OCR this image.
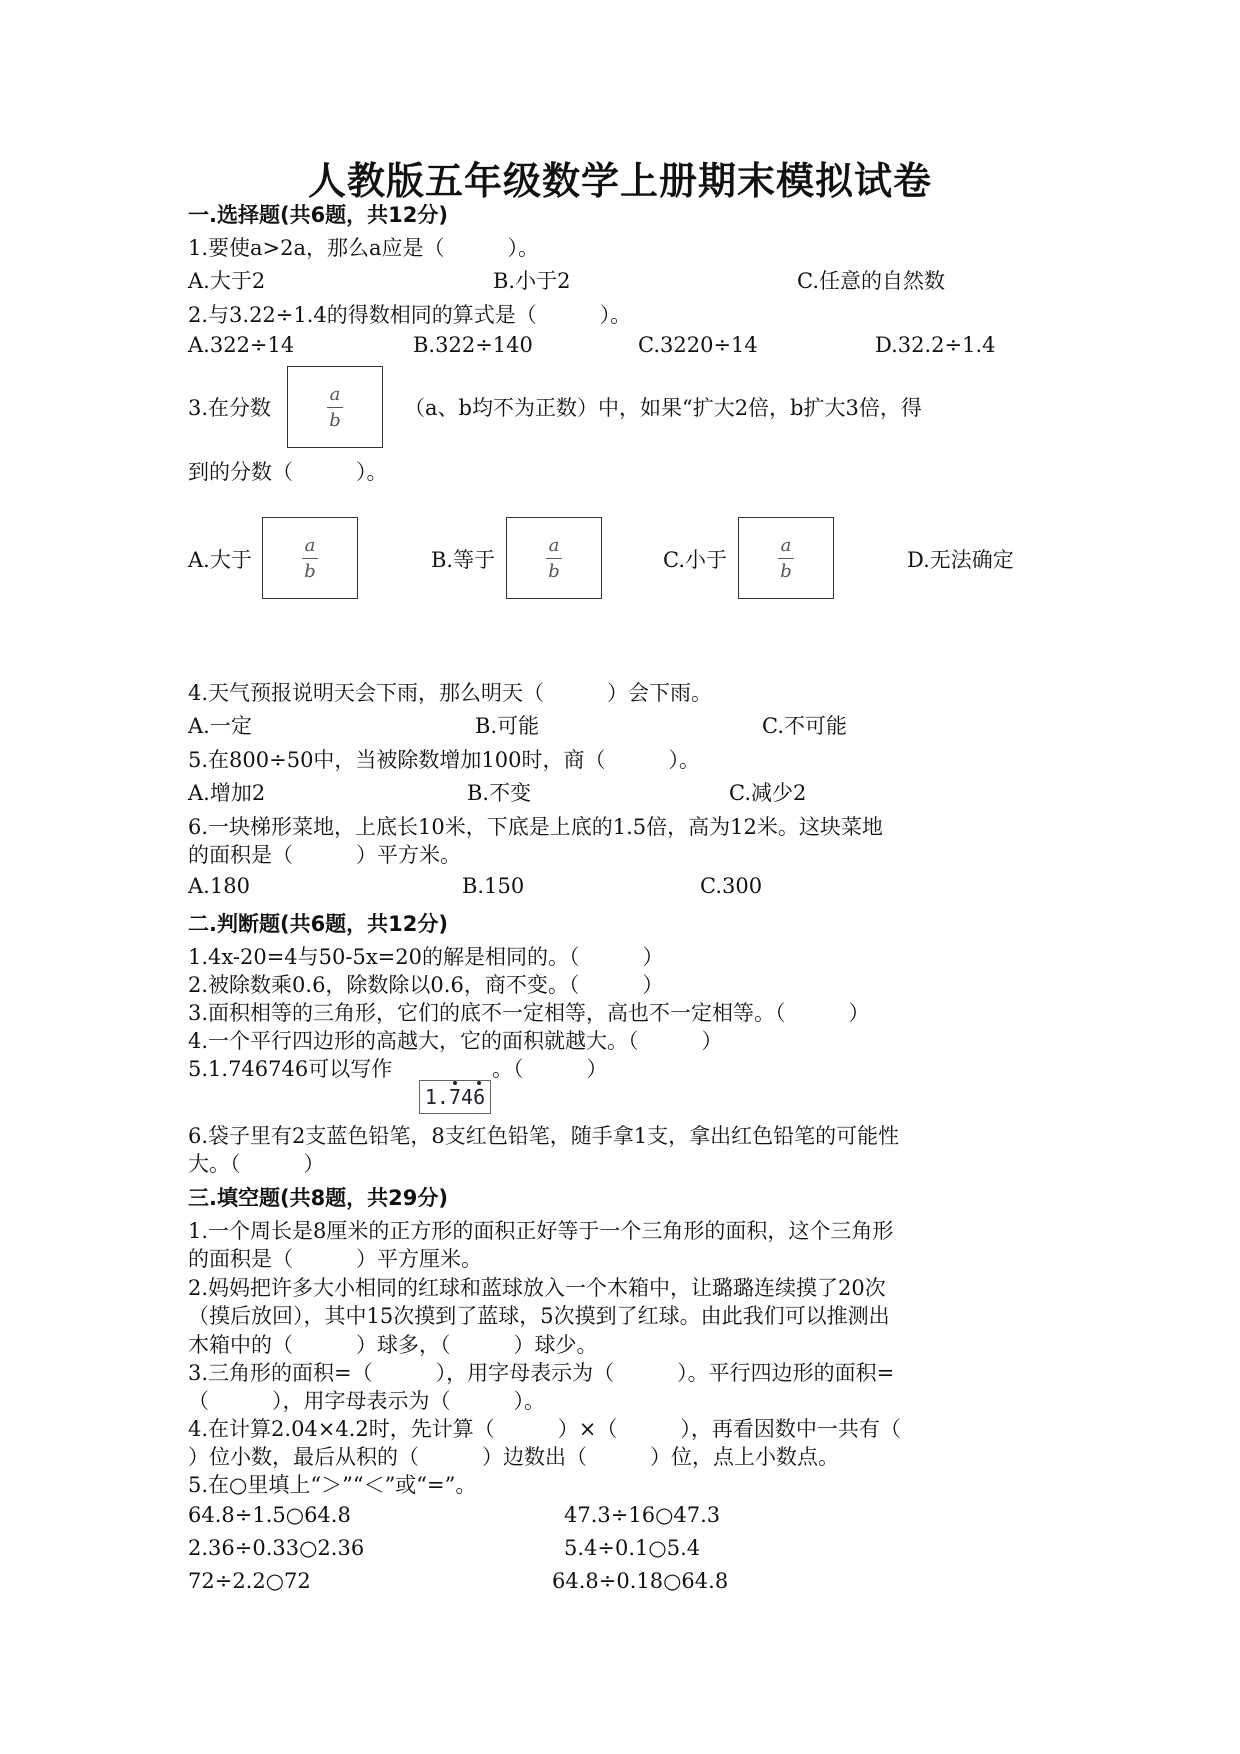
人教版五年级数学上册期末模拟试卷
一.选择题(共6题，共12分)
1.要使a>2a，那么a应是（　　　）。
A.大于2	B.小于2	C.任意的自然数
2.与3.22÷1.4的得数相同的算式是（　　　）。
A.322÷14	B.322÷140	C.3220÷14	D.32.2÷1.4
3.在分数
a
b	（a、b均不为正数）中，如果“扩大2倍，b扩大3倍，得
到的分数（　　　）。
A.大于
a
b	B.等于
a
b	C.小于
a
b	D.无法确定
4.天气预报说明天会下雨，那么明天（　　　）会下雨。
A.一定	B.可能	C.不可能
5.在800÷50中，当被除数增加100时，商（　　　）。
A.增加2	B.不变	C.减少2
6.一块梯形菜地，上底长10米，下底是上底的1.5倍，高为12米。这块菜地
的面积是（　　　）平方米。
A.180	B.150	C.300
二.判断题(共6题，共12分)
1.4x-20=4与50-5x=20的解是相同的。（　　　）
2.被除数乘0.6，除数除以0.6，商不变。（　　　）
3.面积相等的三角形，它们的底不一定相等，高也不一定相等。（　　　）
4.一个平行四边形的高越大，它的面积就越大。（　　　）
5.1.746746可以写作	。（　　　）
1.7
46
6.袋子里有2支蓝色铅笔，8支红色铅笔，随手拿1支，拿出红色铅笔的可能性
大。（　　　）
三.填空题(共8题，共29分)
1.一个周长是8厘米的正方形的面积正好等于一个三角形的面积，这个三角形
的面积是（　　　）平方厘米。
2.妈妈把许多大小相同的红球和蓝球放入一个木箱中，让璐璐连续摸了20次
（摸后放回），其中15次摸到了蓝球，5次摸到了红球。由此我们可以推测出
木箱中的（　　　）球多，（　　　）球少。
3.三角形的面积=（　　　），用字母表示为（　　　）。平行四边形的面积=
（　　　），用字母表示为（　　　）。
4.在计算2.04×4.2时，先计算（　　　）×（　　　），再看因数中一共有（
）位小数，最后从积的（　　　）边数出（　　　）位，点上小数点。
5.在○里填上“＞”“＜”或“=”。
64.8÷1.5○64.8	47.3÷16○47.3
2.36÷0.33○2.36	5.4÷0.1○5.4
72÷2.2○72	64.8÷0.18○64.8
